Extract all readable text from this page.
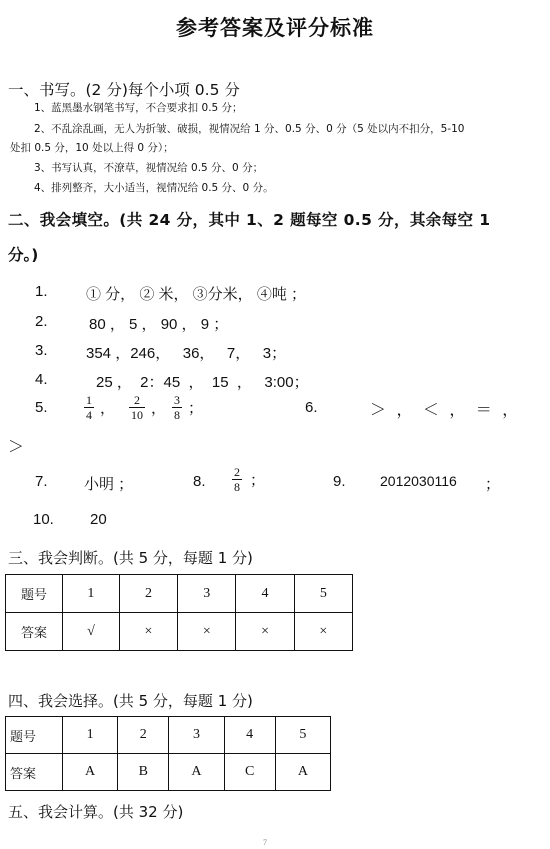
参考答案及评分标准
一、书写。(2 分)每个小项 0.5 分
1、蓝黑墨水钢笔书写，不合要求扣 0.5 分；
2、不乱涂乱画，无人为折皱、破损，视情况给 1 分、0.5 分、0 分（5 处以内不扣分，5-10
处扣 0.5 分，10 处以上得 0 分）；
3、书写认真，不潦草，视情况给 0.5 分、0 分；
4、排列整齐，大小适当，视情况给 0.5 分、0 分。
二、我会填空。(共 24 分，其中 1、2 题每空 0.5 分，其余每空 1
分。)
1.	① 分， ② 米， ③分米， ④吨 ；
2.	80 ， 5 ， 90 ， 9 ；
3.	354 ，246，   36，   7，   3；
4.	25 ，  2：45  ，  15  ，   3:00；
5.	$\frac{1}{4}$ ， $\frac{2}{10}$ ， $\frac{3}{8}$ ；	6.	＞ ， ＜ ， ＝ ，
＞
7. 小明 ；	8. $\frac{2}{8}$ ；	9. 2012030116 ；
10. 20
三、我会判断。(共 5 分，每题 1 分)
题号	1	2	3	4	5
答案	√	×	×	×	×
四、我会选择。(共 5 分，每题 1 分)
题号	1	2	3	4	5
答案	A	B	A	C	A
五、我会计算。(共 32 分)
7
